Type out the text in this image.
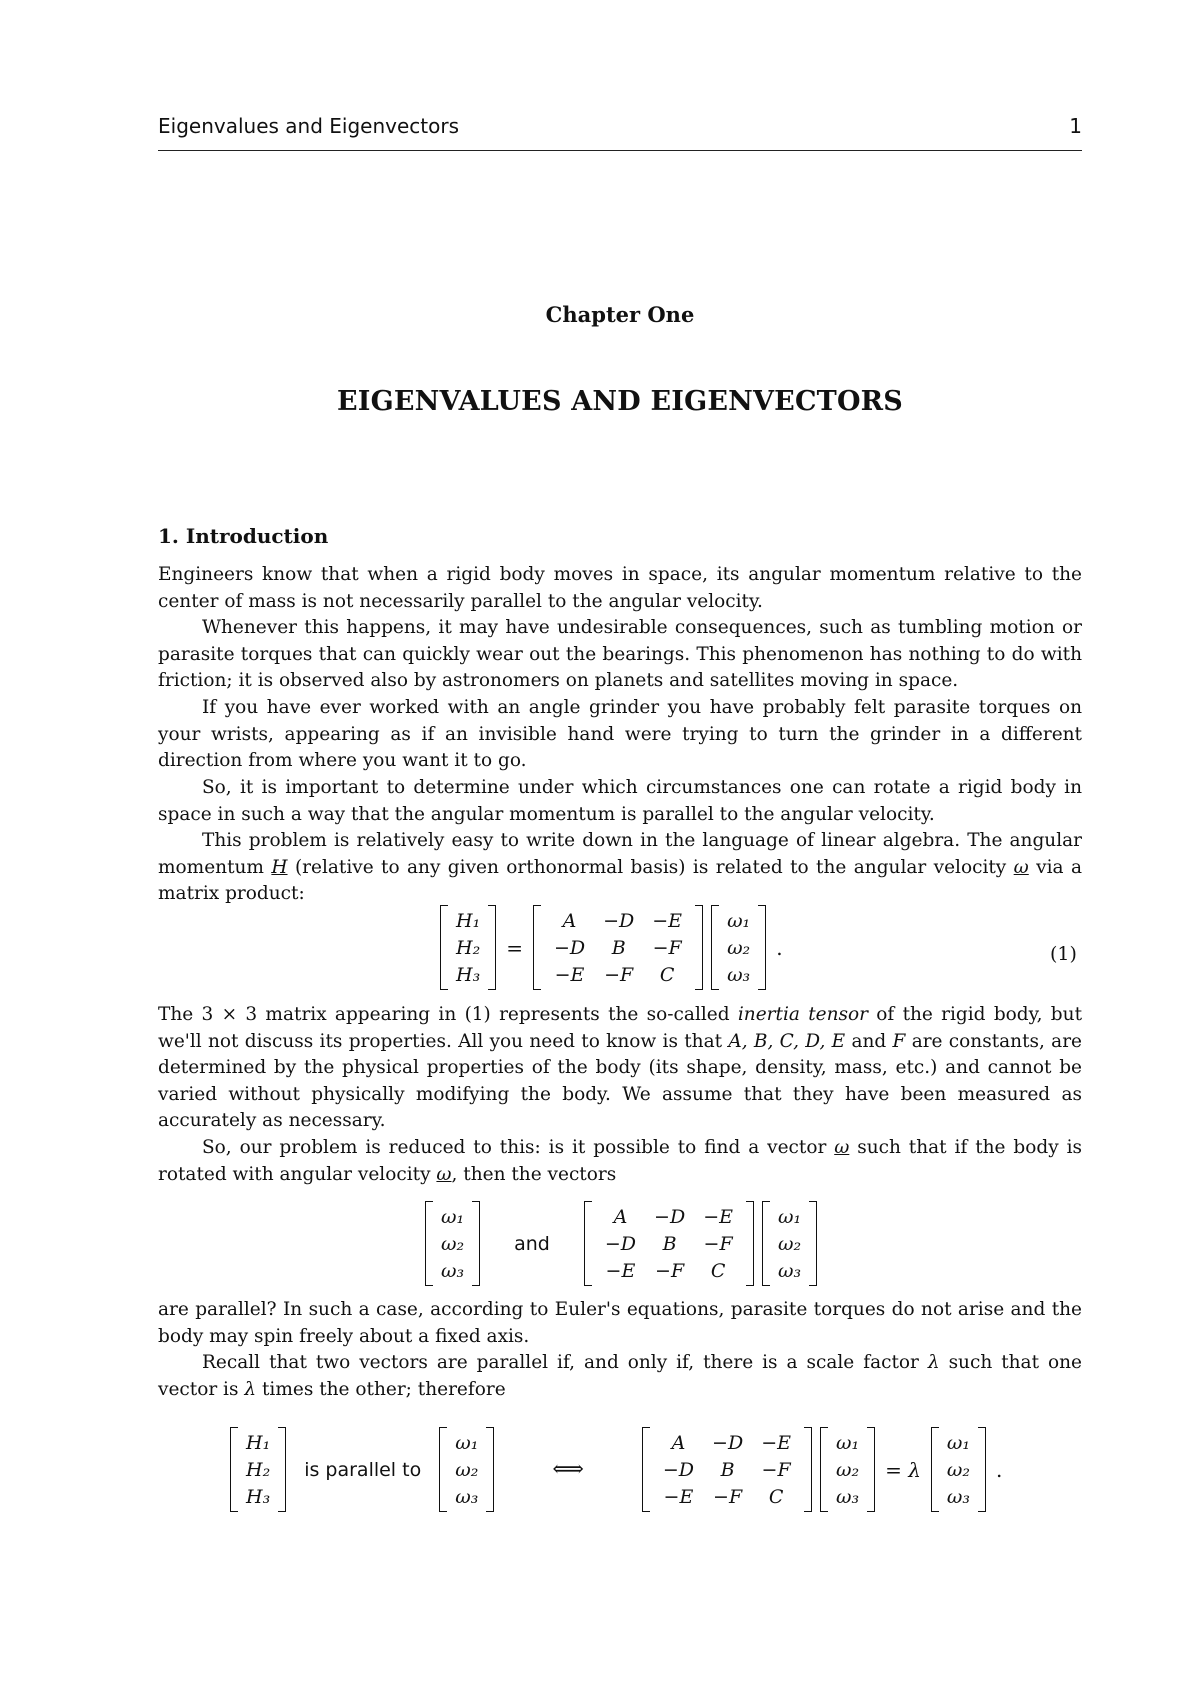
Eigenvalues and Eigenvectors	1
Chapter One
EIGENVALUES AND EIGENVECTORS
1. Introduction

Engineers know that when a rigid body moves in space, its angular momentum relative to the center of mass is not necessarily parallel to the angular velocity.

Whenever this happens, it may have undesirable consequences, such as tumbling motion or parasite torques that can quickly wear out the bearings. This phenomenon has nothing to do with friction; it is observed also by astronomers on planets and satellites moving in space.

If you have ever worked with an angle grinder you have probably felt parasite torques on your wrists, appearing as if an invisible hand were trying to turn the grinder in a different direction from where you want it to go.

So, it is important to determine under which circumstances one can rotate a rigid body in space in such a way that the angular momentum is parallel to the angular velocity.

This problem is relatively easy to write down in the language of linear algebra. The angular momentum H (relative to any given orthonormal basis) is related to the angular velocity ω via a matrix product:

H₁
H₂
H₃
=
A	−D	−E
−D	B	−F
−E	−F	C
ω₁
ω₂
ω₃
.	(1)

The 3 × 3 matrix appearing in (1) represents the so-called inertia tensor of the rigid body, but we'll not discuss its properties. All you need to know is that A, B, C, D, E and F are constants, are determined by the physical properties of the body (its shape, density, mass, etc.) and cannot be varied without physically modifying the body. We assume that they have been measured as accurately as necessary.

So, our problem is reduced to this: is it possible to find a vector ω such that if the body is rotated with angular velocity ω, then the vectors

ω₁
ω₂
ω₃
and
A	−D	−E
−D	B	−F
−E	−F	C
ω₁
ω₂
ω₃

are parallel? In such a case, according to Euler's equations, parasite torques do not arise and the body may spin freely about a fixed axis.

Recall that two vectors are parallel if, and only if, there is a scale factor λ such that one vector is λ times the other; therefore

H₁
H₂
H₃
is parallel to
ω₁
ω₂
ω₃
⟺
A	−D	−E
−D	B	−F
−E	−F	C
ω₁
ω₂
ω₃
= λ
ω₁
ω₂
ω₃
.
